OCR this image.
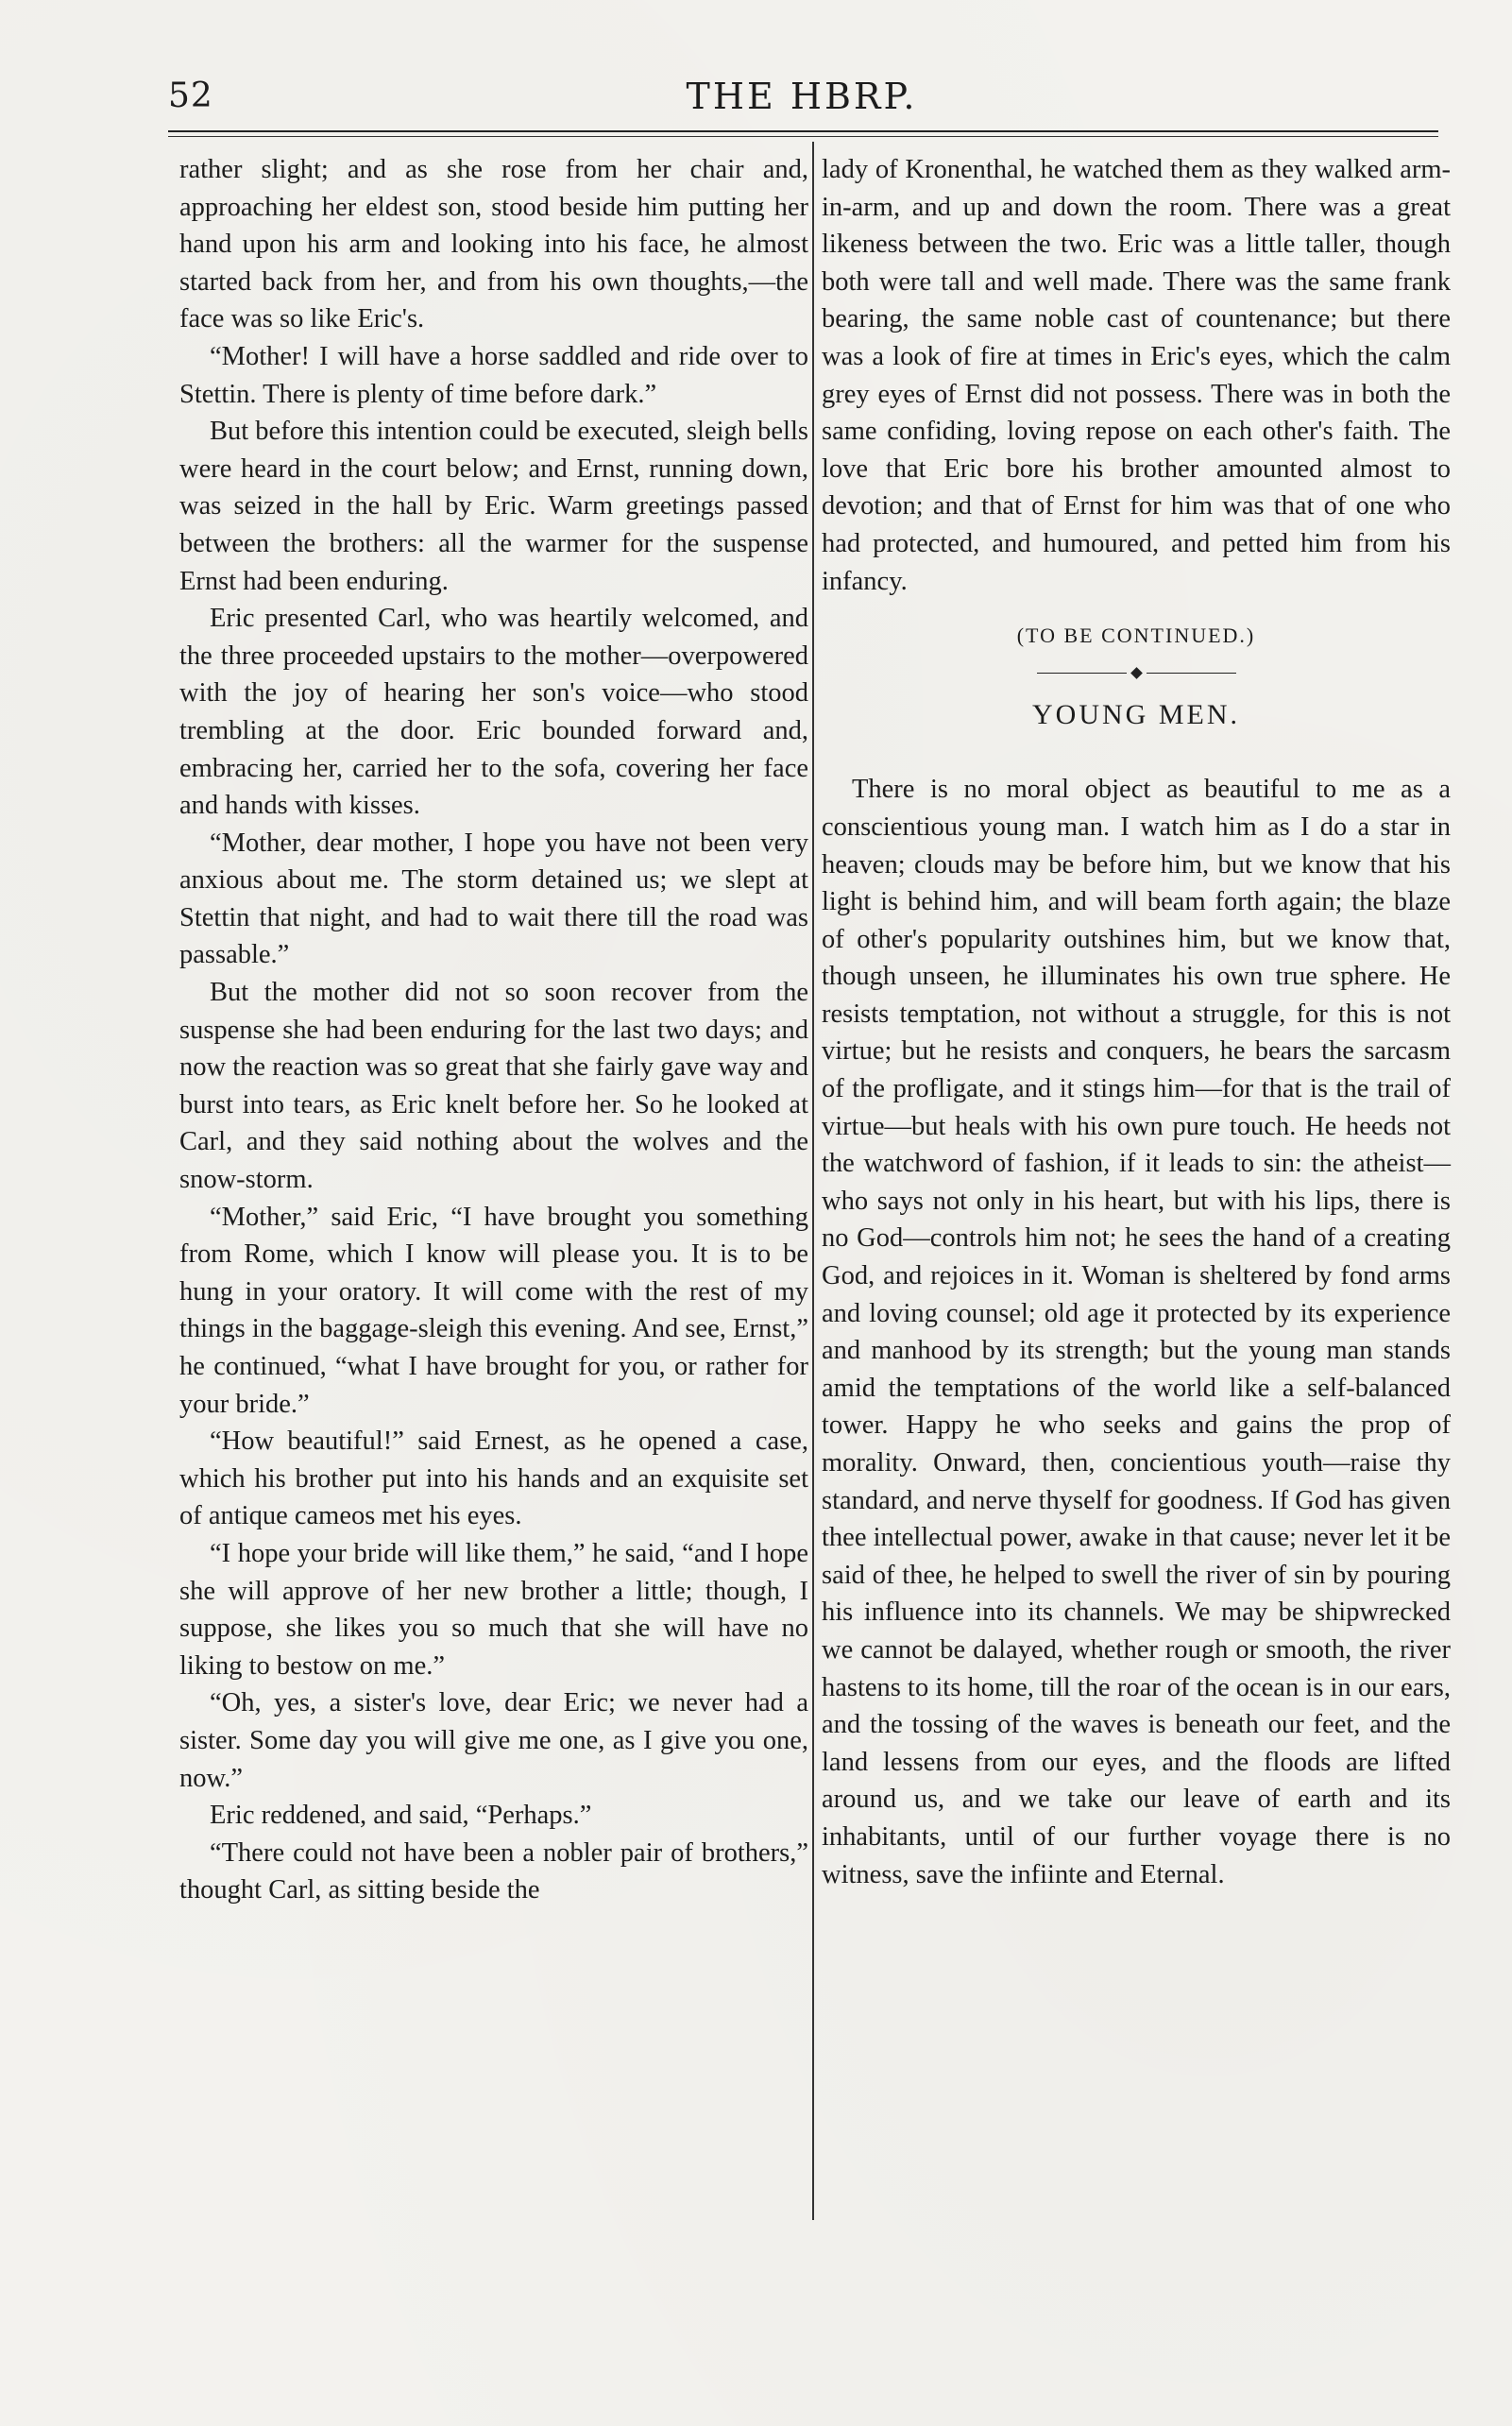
52	THE HBRP.

rather slight; and as she rose from her chair and, approaching her eldest son, stood beside him putting her hand upon his arm and looking into his face, he almost started back from her, and from his own thoughts,—the face was so like Eric's.

“Mother! I will have a horse saddled and ride over to Stettin. There is plenty of time before dark.”

But before this intention could be executed, sleigh bells were heard in the court below; and Ernst, running down, was seized in the hall by Eric. Warm greetings passed between the brothers: all the warmer for the suspense Ernst had been enduring.

Eric presented Carl, who was heartily welcomed, and the three proceeded upstairs to the mother—overpowered with the joy of hearing her son's voice—who stood trembling at the door. Eric bounded forward and, embracing her, carried her to the sofa, covering her face and hands with kisses.

“Mother, dear mother, I hope you have not been very anxious about me. The storm detained us; we slept at Stettin that night, and had to wait there till the road was passable.”

But the mother did not so soon recover from the suspense she had been enduring for the last two days; and now the reaction was so great that she fairly gave way and burst into tears, as Eric knelt before her. So he looked at Carl, and they said nothing about the wolves and the snow-storm.

“Mother,” said Eric, “I have brought you something from Rome, which I know will please you. It is to be hung in your oratory. It will come with the rest of my things in the baggage-sleigh this evening. And see, Ernst,” he continued, “what I have brought for you, or rather for your bride.”

“How beautiful!” said Ernest, as he opened a case, which his brother put into his hands and an exquisite set of antique cameos met his eyes.

“I hope your bride will like them,” he said, “and I hope she will approve of her new brother a little; though, I suppose, she likes you so much that she will have no liking to bestow on me.”

“Oh, yes, a sister's love, dear Eric; we never had a sister. Some day you will give me one, as I give you one, now.”

Eric reddened, and said, “Perhaps.”

“There could not have been a nobler pair of brothers,” thought Carl, as sitting beside the

lady of Kronenthal, he watched them as they walked arm-in-arm, and up and down the room. There was a great likeness between the two. Eric was a little taller, though both were tall and well made. There was the same frank bearing, the same noble cast of countenance; but there was a look of fire at times in Eric's eyes, which the calm grey eyes of Ernst did not possess. There was in both the same confiding, loving repose on each other's faith. The love that Eric bore his brother amounted almost to devotion; and that of Ernst for him was that of one who had protected, and humoured, and petted him from his infancy.

(TO BE CONTINUED.)
YOUNG MEN.

There is no moral object as beautiful to me as a conscientious young man. I watch him as I do a star in heaven; clouds may be before him, but we know that his light is behind him, and will beam forth again; the blaze of other's popularity outshines him, but we know that, though unseen, he illuminates his own true sphere. He resists temptation, not without a struggle, for this is not virtue; but he resists and conquers, he bears the sarcasm of the profligate, and it stings him—for that is the trail of virtue—but heals with his own pure touch. He heeds not the watchword of fashion, if it leads to sin: the atheist—who says not only in his heart, but with his lips, there is no God—controls him not; he sees the hand of a creating God, and rejoices in it. Woman is sheltered by fond arms and loving counsel; old age it protected by its experience and manhood by its strength; but the young man stands amid the temptations of the world like a self-balanced tower. Happy he who seeks and gains the prop of morality. Onward, then, concientious youth—raise thy standard, and nerve thyself for goodness. If God has given thee intellectual power, awake in that cause; never let it be said of thee, he helped to swell the river of sin by pouring his influence into its channels. We may be shipwrecked we cannot be dalayed, whether rough or smooth, the river hastens to its home, till the roar of the ocean is in our ears, and the tossing of the waves is beneath our feet, and the land lessens from our eyes, and the floods are lifted around us, and we take our leave of earth and its inhabitants, until of our further voyage there is no witness, save the infiinte and Eternal.
